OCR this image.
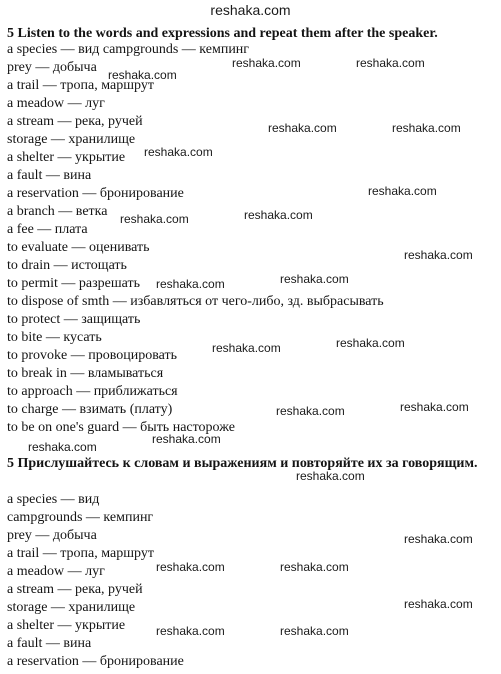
reshaka.com
5 Listen to the words and expressions and repeat them after the speaker.
a species — вид campgrounds — кемпинг
prey — добыча
a trail — тропа, маршрут
a meadow — луг
a stream — река, ручей
storage — хранилище
a shelter — укрытие
a fault — вина
a reservation — бронирование
a branch — ветка
a fee — плата
to evaluate — оценивать
to drain — истощать
to permit — разрешать
to dispose of smth — избавляться от чего-либо, зд. выбрасывать
to protect — защищать
to bite — кусать
to provoke — провоцировать
to break in — вламываться
to approach — приближаться
to charge — взимать (плату)
to be on one's guard — быть настороже
5 Прислушайтесь к словам и выражениям и повторяйте их за говорящим.
a species — вид
campgrounds — кемпинг
prey — добыча
a trail — тропа, маршрут
a meadow — луг
a stream — река, ручей
storage — хранилище
a shelter — укрытие
a fault — вина
a reservation — бронирование
reshaka.com	reshaka.com
reshaka.com
reshaka.com	reshaka.com
reshaka.com
reshaka.com
reshaka.com
reshaka.com
reshaka.com
reshaka.com
reshaka.com
reshaka.com
reshaka.com
reshaka.com
reshaka.com
reshaka.com
reshaka.com
reshaka.com
reshaka.com
reshaka.com	reshaka.com
reshaka.com
reshaka.com	reshaka.com
